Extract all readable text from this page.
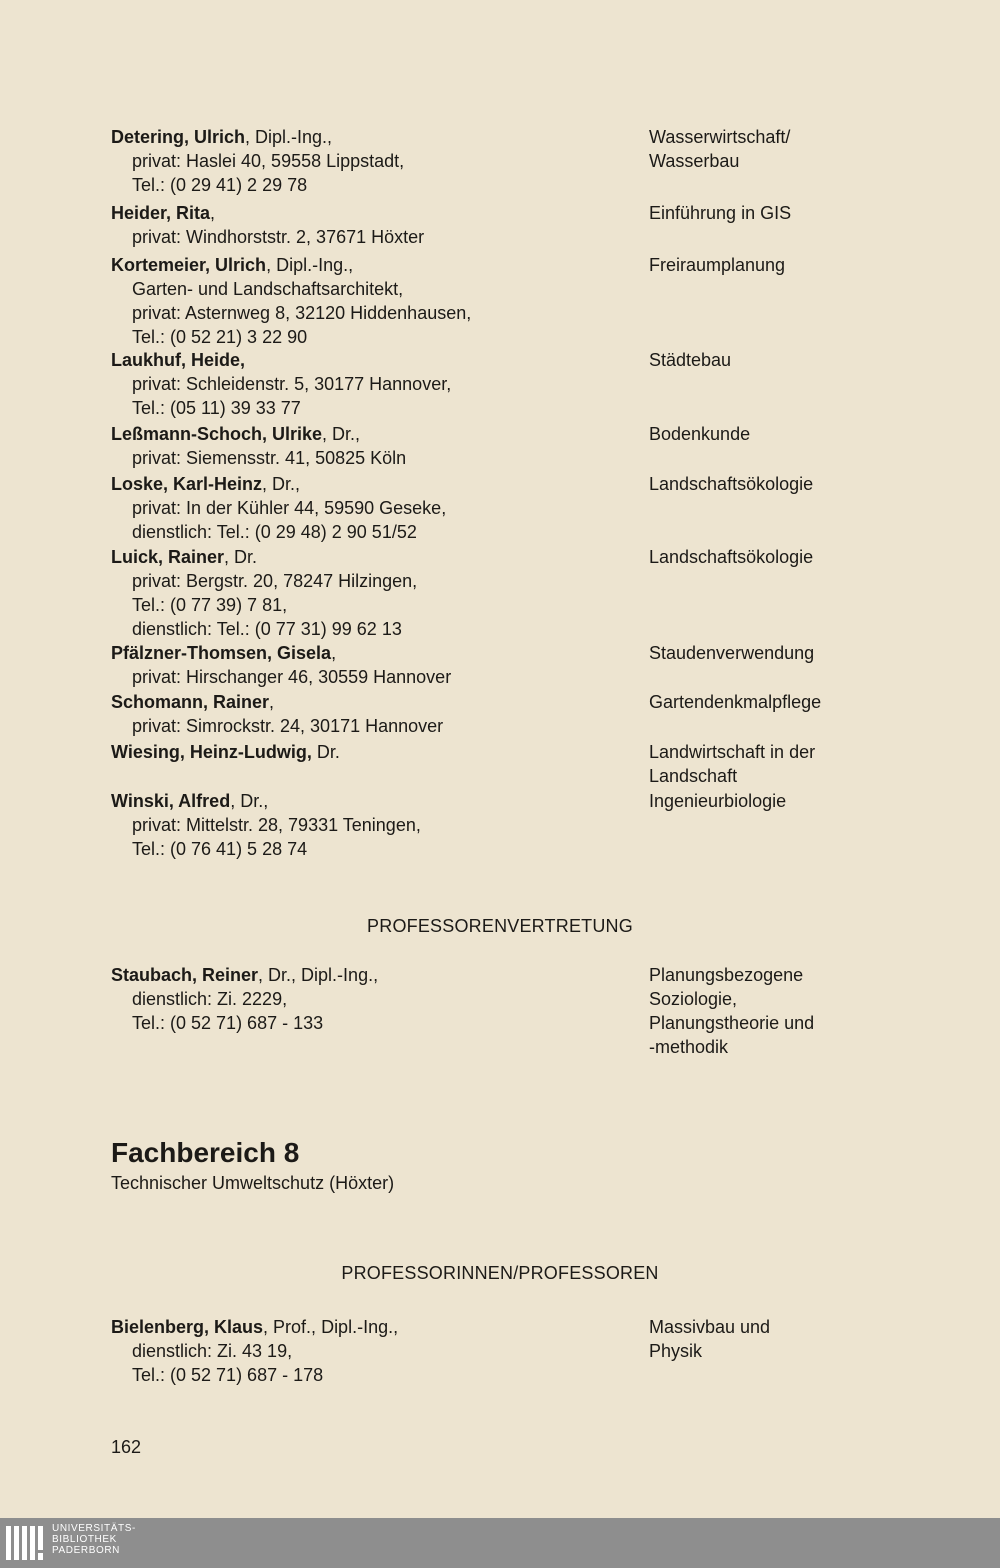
Detering, Ulrich, Dipl.-Ing.,
privat: Haslei 40, 59558 Lippstadt,
Tel.: (0 29 41) 2 29 78
Wasserwirtschaft/
Wasserbau
Heider, Rita,
privat: Windhorststr. 2, 37671 Höxter
Einführung in GIS
Kortemeier, Ulrich, Dipl.-Ing.,
Garten- und Landschaftsarchitekt,
privat: Asternweg 8, 32120 Hiddenhausen,
Tel.: (0 52 21) 3 22 90
Freiraumplanung
Laukhuf, Heide,
privat: Schleidenstr. 5, 30177 Hannover,
Tel.: (05 11) 39 33 77
Städtebau
Leßmann-Schoch, Ulrike, Dr.,
privat: Siemensstr. 41, 50825 Köln
Bodenkunde
Loske, Karl-Heinz, Dr.,
privat: In der Kühler 44, 59590 Geseke,
dienstlich: Tel.: (0 29 48) 2 90 51/52
Landschaftsökologie
Luick, Rainer, Dr.
privat: Bergstr. 20, 78247 Hilzingen,
Tel.: (0 77 39) 7 81,
dienstlich: Tel.: (0 77 31) 99 62 13
Landschaftsökologie
Pfälzner-Thomsen, Gisela,
privat: Hirschanger 46, 30559 Hannover
Staudenverwendung
Schomann, Rainer,
privat: Simrockstr. 24, 30171 Hannover
Gartendenkmalpflege
Wiesing, Heinz-Ludwig, Dr.	Landwirtschaft in der
Landschaft
Winski, Alfred, Dr.,
privat: Mittelstr. 28, 79331 Teningen,
Tel.: (0 76 41) 5 28 74
Ingenieurbiologie
PROFESSORENVERTRETUNG
Staubach, Reiner, Dr., Dipl.-Ing.,
dienstlich: Zi. 2229,
Tel.: (0 52 71) 687 - 133
Planungsbezogene
Soziologie,
Planungstheorie und
-methodik
Fachbereich 8
Technischer Umweltschutz (Höxter)
PROFESSORINNEN/PROFESSOREN
Bielenberg, Klaus, Prof., Dipl.-Ing.,
dienstlich: Zi. 43 19,
Tel.: (0 52 71) 687 - 178
Massivbau und
Physik
162
UNIVERSITÄTS-
BIBLIOTHEK
PADERBORN
